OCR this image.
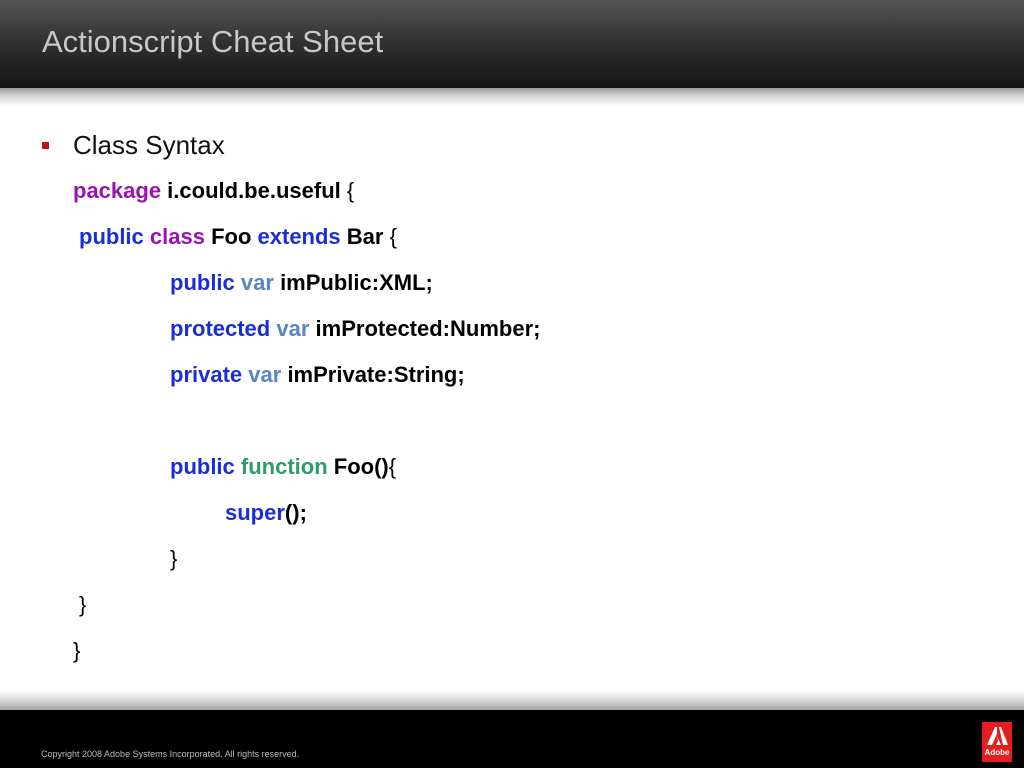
Actionscript Cheat Sheet
Class Syntax
package i.could.be.useful {
public class Foo extends Bar {
public var imPublic:XML;
protected var imProtected:Number;
private var imPrivate:String;
public function Foo(){
super();
}
}
}
Copyright 2008 Adobe Systems Incorporated. All rights reserved.	Adobe
